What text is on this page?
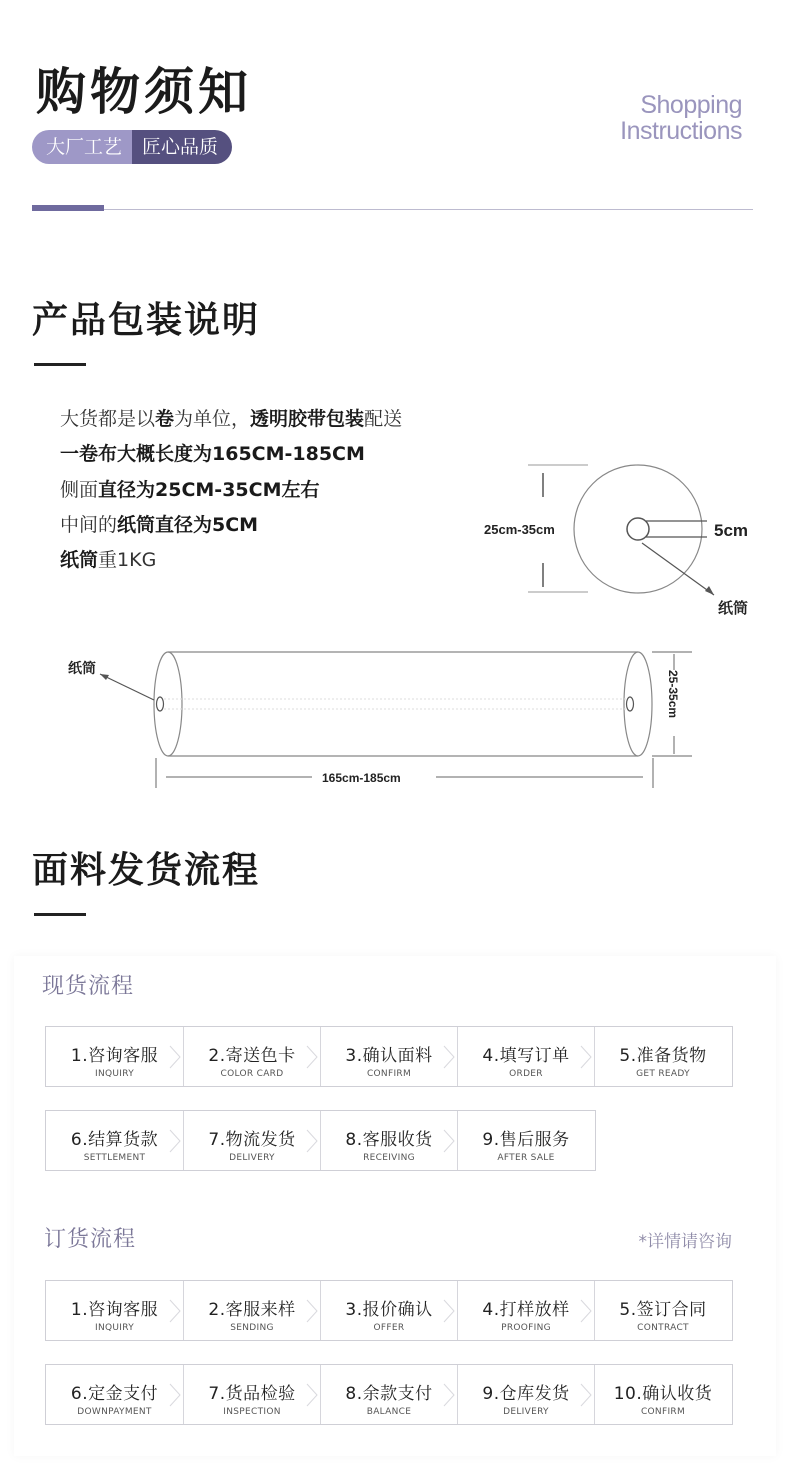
购物须知	Shopping
Instructions
大厂工艺	匠心品质
产品包装说明
大货都是以卷为单位，透明胶带包装配送
一卷布大概长度为165CM-185CM
侧面直径为25CM-35CM左右
中间的纸筒直径为5CM
纸筒重1KG
25cm-35cm	5cm
纸筒
纸筒
165cm-185cm
25-35cm
面料发货流程
现货流程
1.咨询客服
INQUIRY
2.寄送色卡
COLOR CARD
3.确认面料
CONFIRM
4.填写订单
ORDER
5.准备货物
GET READY
6.结算货款
SETTLEMENT
7.物流发货
DELIVERY
8.客服收货
RECEIVING
9.售后服务
AFTER SALE
订货流程	*详情请咨询
1.咨询客服
INQUIRY
2.客服来样
SENDING
3.报价确认
OFFER
4.打样放样
PROOFING
5.签订合同
CONTRACT
6.定金支付
DOWNPAYMENT
7.货品检验
INSPECTION
8.余款支付
BALANCE
9.仓库发货
DELIVERY
10.确认收货
CONFIRM
